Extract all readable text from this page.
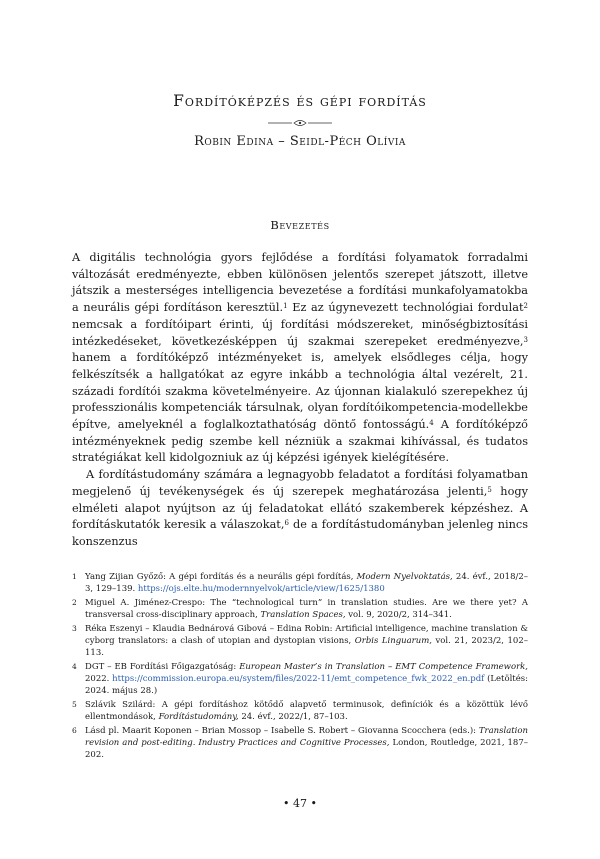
Fordítóképzés és gépi fordítás
Robin Edina – Seidl-Péch Olívia
Bevezetés

A digitális technológia gyors fejlődése a fordítási folyamatok forradalmi változását eredményezte, ebben különösen jelentős szerepet játszott, illetve játszik a mesterséges intelligencia bevezetése a fordítási munkafolyamatokba a neurális gépi fordításon keresztül.$^1$ Ez az úgynevezett technológiai fordulat$^2$ nemcsak a fordítóipart érinti, új fordítási módszereket, minőségbiztosítási intézkedéseket, következésképpen új szakmai szerepeket eredményezve,$^3$ hanem a fordítóképző intézményeket is, amelyek elsődleges célja, hogy felkészítsék a hallgatókat az egyre inkább a technológia által vezérelt, 21. századi fordítói szakma követelményeire. Az újonnan kialakuló szerepekhez új professzionális kompetenciák társulnak, olyan fordítóikompetencia-modellekbe építve, amelyeknél a foglalkoztathatóság döntő fontosságú.$^4$ A fordítóképző intézményeknek pedig szembe kell nézniük a szakmai kihívással, és tudatos stratégiákat kell kidolgozniuk az új képzési igények kielégítésére.

A fordítástudomány számára a legnagyobb feladatot a fordítási folyamatban megjelenő új tevékenységek és új szerepek meghatározása jelenti,$^5$ hogy elméleti alapot nyújtson az új feladatokat ellátó szakemberek képzéshez. A fordításkutatók keresik a válaszokat,$^6$ de a fordítástudományban jelenleg nincs konszenzus

1 Yang Zijian Győző: A gépi fordítás és a neurális gépi fordítás, Modern Nyelvoktatás, 24. évf., 2018/2–3, 129–139. https://ojs.elte.hu/modernnyelvok/article/view/1625/1380
2 Miguel A. Jiménez-Crespo: The “technological turn” in translation studies. Are we there yet? A transversal cross-disciplinary approach, Translation Spaces, vol. 9, 2020/2, 314–341.
3 Réka Eszenyi – Klaudia Bednárová Gibová – Edina Robin: Artificial intelligence, machine translation & cyborg translators: a clash of utopian and dystopian visions, Orbis Linguarum, vol. 21, 2023/2, 102–113.
4 DGT – EB Fordítási Főigazgatóság: European Master’s in Translation – EMT Competence Framework, 2022. https://commission.europa.eu/system/files/2022-11/emt_competence_fwk_2022_en.pdf (Letöltés: 2024. május 28.)
5 Szlávik Szilárd: A gépi fordításhoz kötődő alapvető terminusok, definíciók és a közöttük lévő ellentmondások, Fordítástudomány, 24. évf., 2022/1, 87–103.
6 Lásd pl. Maarit Koponen – Brian Mossop – Isabelle S. Robert – Giovanna Scocchera (eds.): Translation revision and post-editing. Industry Practices and Cognitive Processes, London, Routledge, 2021, 187–202.
• 47 •
